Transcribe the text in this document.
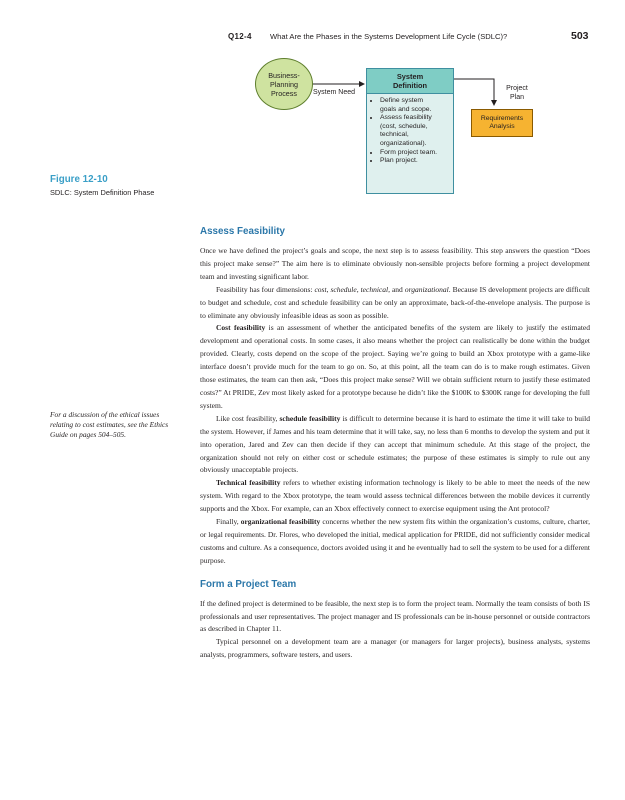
Q12-4 What Are the Phases in the Systems Development Life Cycle (SDLC)?	503
Business-
Planning
Process	System Need
System
Definition
• Define system
goals and scope.
• Assess feasibility
(cost, schedule,
technical,
organizational).
• Form project team.
• Plan project.
Project
Plan
Requirements
Analysis
Figure 12-10
SDLC: System Definition Phase
For a discussion of the ethical issues relating to cost estimates, see the Ethics Guide on pages 504–505.
Assess Feasibility

Once we have defined the project’s goals and scope, the next step is to assess feasibility. This step answers the question “Does this project make sense?” The aim here is to eliminate obviously non-sensible projects before forming a project development team and investing significant labor.

Feasibility has four dimensions: cost, schedule, technical, and organizational. Because IS development projects are difficult to budget and schedule, cost and schedule feasibility can be only an approximate, back-of-the-envelope analysis. The purpose is to eliminate any obviously infeasible ideas as soon as possible.

Cost feasibility is an assessment of whether the anticipated benefits of the system are likely to justify the estimated development and operational costs. In some cases, it also means whether the project can realistically be done within the budget provided. Clearly, costs depend on the scope of the project. Saying we’re going to build an Xbox prototype with a game-like interface doesn’t provide much for the team to go on. So, at this point, all the team can do is to make rough estimates. Given those estimates, the team can then ask, “Does this project make sense? Will we obtain sufficient return to justify these estimated costs?” At PRIDE, Zev most likely asked for a prototype because he didn’t like the $100K to $300K range for developing the full system.

Like cost feasibility, schedule feasibility is difficult to determine because it is hard to estimate the time it will take to build the system. However, if James and his team determine that it will take, say, no less than 6 months to develop the system and put it into operation, Jared and Zev can then decide if they can accept that minimum schedule. At this stage of the project, the organization should not rely on either cost or schedule estimates; the purpose of these estimates is simply to rule out any obviously unacceptable projects.

Technical feasibility refers to whether existing information technology is likely to be able to meet the needs of the new system. With regard to the Xbox prototype, the team would assess technical differences between the mobile devices it currently supports and the Xbox. For example, can an Xbox effectively connect to exercise equipment using the Ant protocol?

Finally, organizational feasibility concerns whether the new system fits within the organization’s customs, culture, charter, or legal requirements. Dr. Flores, who developed the initial, medical application for PRIDE, did not sufficiently consider medical customs and culture. As a consequence, doctors avoided using it and he eventually had to sell the system to be used for a different purpose.

Form a Project Team

If the defined project is determined to be feasible, the next step is to form the project team. Normally the team consists of both IS professionals and user representatives. The project manager and IS professionals can be in-house personnel or outside contractors as described in Chapter 11.

Typical personnel on a development team are a manager (or managers for larger projects), business analysts, systems analysts, programmers, software testers, and users.
